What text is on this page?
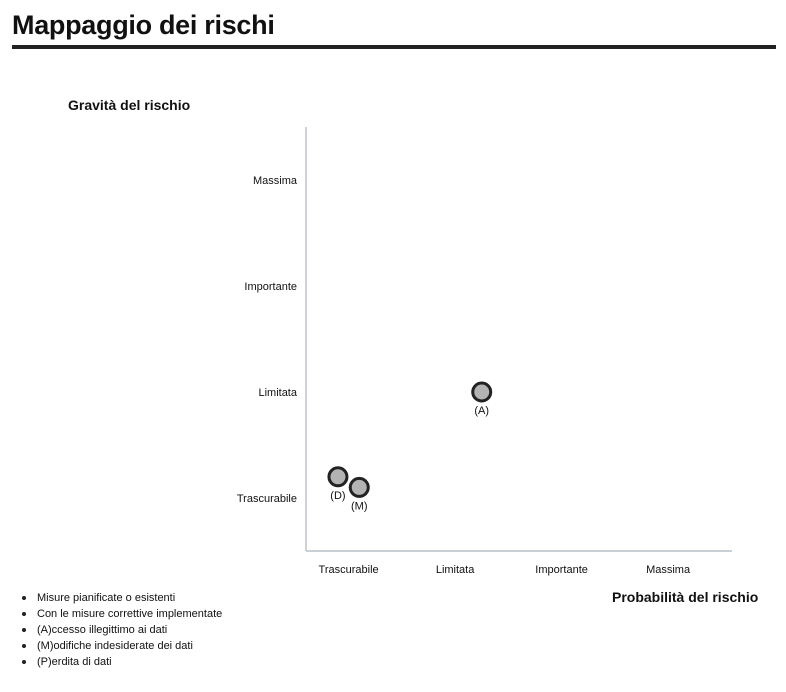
Mappaggio dei rischi
Gravità del rischio
Probabilità del rischio
Trascurabile
Limitata
Importante
Massima
Trascurabile	Limitata	Importante	Massima
(D)
(M)
(A)
Misure pianificate o esistenti
Con le misure correttive implementate
(A)ccesso illegittimo ai dati
(M)odifiche indesiderate dei dati
(P)erdita di dati
